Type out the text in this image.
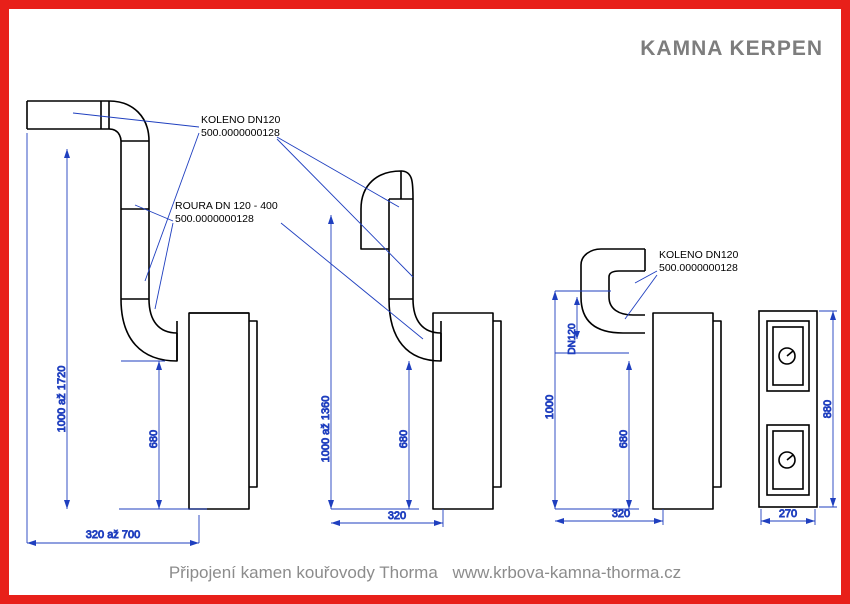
KAMNA KERPEN
1000 až 1720
680
320 až 700
1000 až 1360	680
320
1000
DN120
680
320
880
270
KOLENO DN120
500.0000000128
ROURA DN 120 - 400
500.0000000128
KOLENO DN120
500.0000000128
Připojení kamen kouřovody Thorma www.krbova-kamna-thorma.cz
